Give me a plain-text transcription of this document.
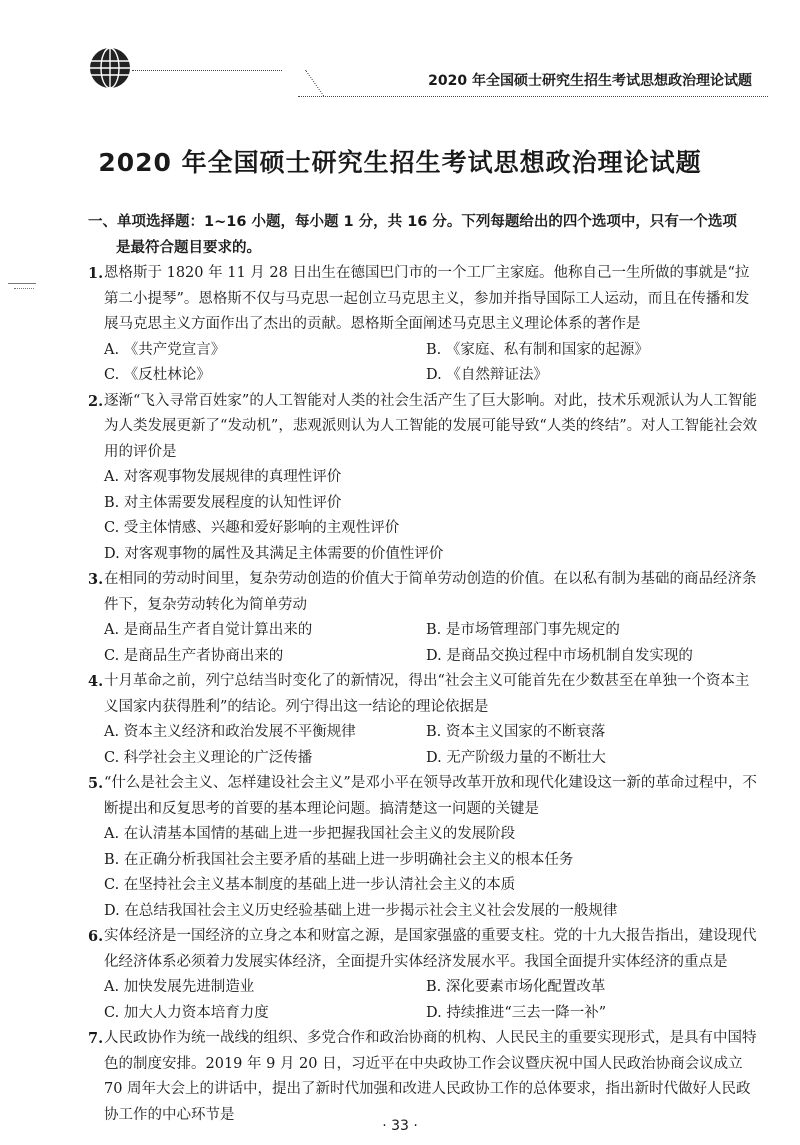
2020 年全国硕士研究生招生考试思想政治理论试题
2020 年全国硕士研究生招生考试思想政治理论试题
一、单项选择题：1~16 小题，每小题 1 分，共 16 分。下列每题给出的四个选项中，只有一个选项
是最符合题目要求的。
1. 恩格斯于 1820 年 11 月 28 日出生在德国巴门市的一个工厂主家庭。他称自己一生所做的事就是“拉第二小提琴”。恩格斯不仅与马克思一起创立马克思主义，参加并指导国际工人运动，而且在传播和发展马克思主义方面作出了杰出的贡献。恩格斯全面阐述马克思主义理论体系的著作是
A. 《共产党宣言》	B. 《家庭、私有制和国家的起源》
C. 《反杜林论》	D. 《自然辩证法》
2. 逐渐“飞入寻常百姓家”的人工智能对人类的社会生活产生了巨大影响。对此，技术乐观派认为人工智能为人类发展更新了“发动机”，悲观派则认为人工智能的发展可能导致“人类的终结”。对人工智能社会效用的评价是
A. 对客观事物发展规律的真理性评价
B. 对主体需要发展程度的认知性评价
C. 受主体情感、兴趣和爱好影响的主观性评价
D. 对客观事物的属性及其满足主体需要的价值性评价
3. 在相同的劳动时间里，复杂劳动创造的价值大于简单劳动创造的价值。在以私有制为基础的商品经济条件下，复杂劳动转化为简单劳动
A. 是商品生产者自觉计算出来的	B. 是市场管理部门事先规定的
C. 是商品生产者协商出来的	D. 是商品交换过程中市场机制自发实现的
4. 十月革命之前，列宁总结当时变化了的新情况，得出“社会主义可能首先在少数甚至在单独一个资本主义国家内获得胜利”的结论。列宁得出这一结论的理论依据是
A. 资本主义经济和政治发展不平衡规律	B. 资本主义国家的不断衰落
C. 科学社会主义理论的广泛传播	D. 无产阶级力量的不断壮大
5. “什么是社会主义、怎样建设社会主义”是邓小平在领导改革开放和现代化建设这一新的革命过程中，不断提出和反复思考的首要的基本理论问题。搞清楚这一问题的关键是
A. 在认清基本国情的基础上进一步把握我国社会主义的发展阶段
B. 在正确分析我国社会主要矛盾的基础上进一步明确社会主义的根本任务
C. 在坚持社会主义基本制度的基础上进一步认清社会主义的本质
D. 在总结我国社会主义历史经验基础上进一步揭示社会主义社会发展的一般规律
6. 实体经济是一国经济的立身之本和财富之源，是国家强盛的重要支柱。党的十九大报告指出，建设现代化经济体系必须着力发展实体经济，全面提升实体经济发展水平。我国全面提升实体经济的重点是
A. 加快发展先进制造业	B. 深化要素市场化配置改革
C. 加大人力资本培育力度	D. 持续推进“三去一降一补”
7. 人民政协作为统一战线的组织、多党合作和政治协商的机构、人民民主的重要实现形式，是具有中国特色的制度安排。2019 年 9 月 20 日，习近平在中央政协工作会议暨庆祝中国人民政治协商会议成立 70 周年大会上的讲话中，提出了新时代加强和改进人民政协工作的总体要求，指出新时代做好人民政协工作的中心环节是
· 33 ·
